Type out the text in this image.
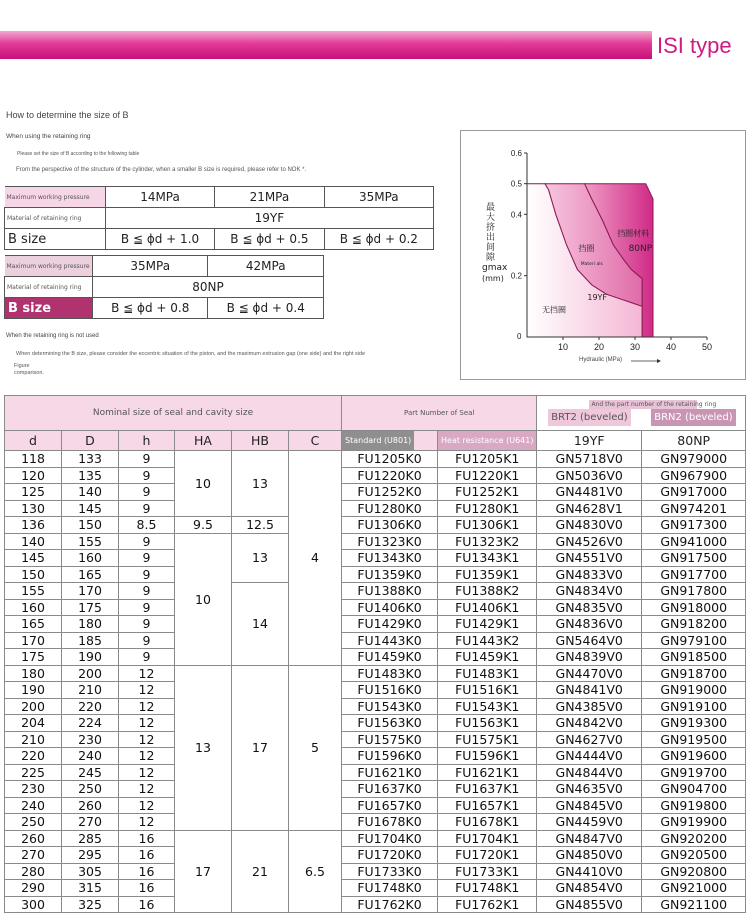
ISI type
How to determine the size of B
When using the retaining ring
Please set the size of B according to the following table
From the perspective of the structure of the cylinder, when a smaller B size is required, please refer to NOK *.
Maximum working pressure	14MPa	21MPa	35MPa
Material of retaining ring	19YF		
B size	B ≦ ϕd + 1.0	B ≦ ϕd + 0.5	B ≦ ϕd + 0.2
Maximum working pressure	35MPa	42MPa
Material of retaining ring	80NP	
B size	B ≦ ϕd + 0.8	B ≦ ϕd + 0.4
When the retaining ring is not used
When determining the B size, please consider the eccentric situation of the piston, and the maximum extrusion gap (one side) and the right side
Figure
comparison.
10	20	30	40	50
0.2
0.4
0.5
0.6
无挡圈
挡圈
Materi als
19YF
挡圈材料
80NP
最大挤出间隙
gmax
(mm)
Hydraulic (MPa)
0
Nominal size of seal and cavity size						Part Number of Seal		And the part number of the retaining ring
BRT2 (beveled) BRN2 (beveled)	
d	D	h	HA	HB	C	Standard (U801)	Heat resistance (U641)	19YF	80NP
118	133	9	10	13	4	FU1205K0	FU1205K1	GN5718V0	GN979000
120	135	9				FU1220K0	FU1220K1	GN5036V0	GN967900
125	140	9				FU1252K0	FU1252K1	GN4481V0	GN917000
130	145	9				FU1280K0	FU1280K1	GN4628V1	GN974201
136	150	8.5	9.5	12.5		FU1306K0	FU1306K1	GN4830V0	GN917300
140	155	9	10	13		FU1323K0	FU1323K2	GN4526V0	GN941000
145	160	9				FU1343K0	FU1343K1	GN4551V0	GN917500
150	165	9				FU1359K0	FU1359K1	GN4833V0	GN917700
155	170	9		14		FU1388K0	FU1388K2	GN4834V0	GN917800
160	175	9				FU1406K0	FU1406K1	GN4835V0	GN918000
165	180	9				FU1429K0	FU1429K1	GN4836V0	GN918200
170	185	9				FU1443K0	FU1443K2	GN5464V0	GN979100
175	190	9				FU1459K0	FU1459K1	GN4839V0	GN918500
180	200	12	13	17	5	FU1483K0	FU1483K1	GN4470V0	GN918700
190	210	12				FU1516K0	FU1516K1	GN4841V0	GN919000
200	220	12				FU1543K0	FU1543K1	GN4385V0	GN919100
204	224	12				FU1563K0	FU1563K1	GN4842V0	GN919300
210	230	12				FU1575K0	FU1575K1	GN4627V0	GN919500
220	240	12				FU1596K0	FU1596K1	GN4444V0	GN919600
225	245	12				FU1621K0	FU1621K1	GN4844V0	GN919700
230	250	12				FU1637K0	FU1637K1	GN4635V0	GN904700
240	260	12				FU1657K0	FU1657K1	GN4845V0	GN919800
250	270	12				FU1678K0	FU1678K1	GN4459V0	GN919900
260	285	16	17	21	6.5	FU1704K0	FU1704K1	GN4847V0	GN920200
270	295	16				FU1720K0	FU1720K1	GN4850V0	GN920500
280	305	16				FU1733K0	FU1733K1	GN4410V0	GN920800
290	315	16				FU1748K0	FU1748K1	GN4854V0	GN921000
300	325	16				FU1762K0	FU1762K1	GN4855V0	GN921100
